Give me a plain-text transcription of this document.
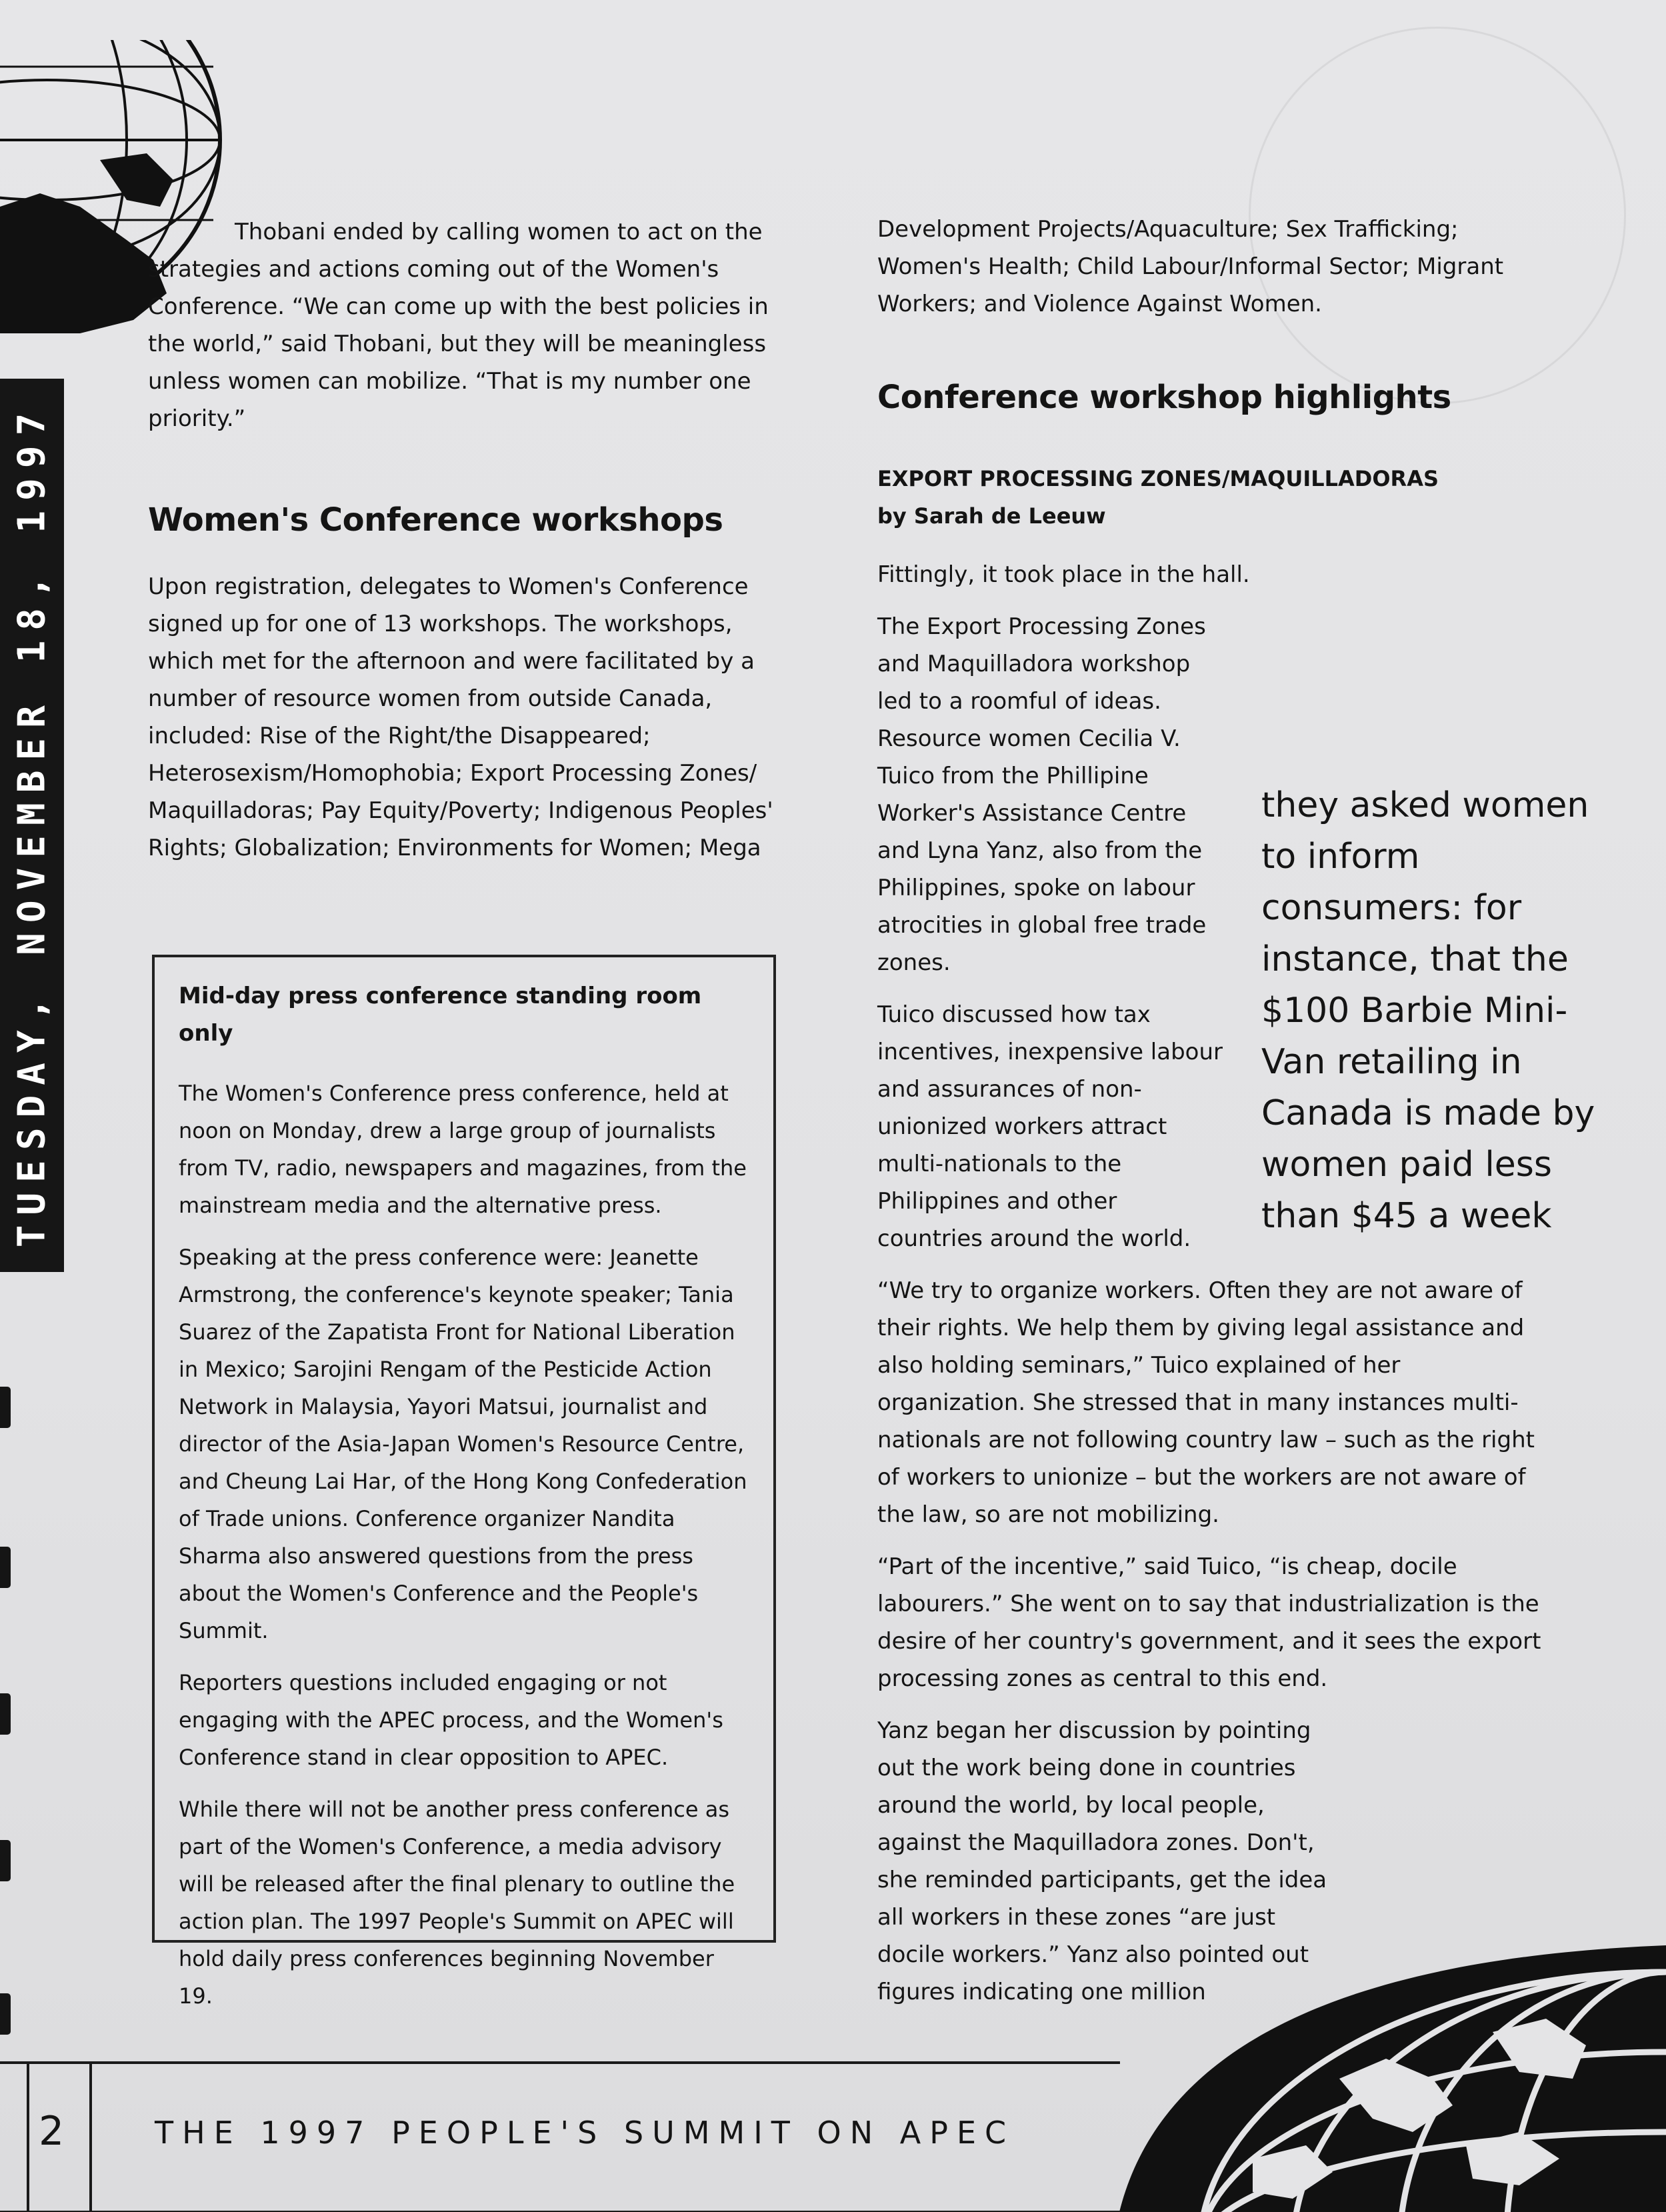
TUESDAY, NOVEMBER 18, 1997

Thobani ended by calling women to act on the strategies and actions coming out of the Women's Conference. “We can come up with the best policies in the world,” said Thobani, but they will be meaningless unless women can mobilize. “That is my number one priority.”

Women's Conference workshops

Upon registration, delegates to Women's Conference signed up for one of 13 workshops. The workshops, which met for the afternoon and were facilitated by a number of resource women from outside Canada, included: Rise of the Right/the Disappeared; Heterosexism/Homophobia; Export Processing Zones/ Maquilladoras; Pay Equity/Poverty; Indigenous Peoples' Rights; Globalization; Environments for Women; Mega

Mid-day press conference standing room only

The Women's Conference press conference, held at noon on Monday, drew a large group of journalists from TV, radio, newspapers and magazines, from the mainstream media and the alternative press.

Speaking at the press conference were: Jeanette Armstrong, the conference's keynote speaker; Tania Suarez of the Zapatista Front for National Liberation in Mexico; Sarojini Rengam of the Pesticide Action Network in Malaysia, Yayori Matsui, journalist and director of the Asia-Japan Women's Resource Centre, and Cheung Lai Har, of the Hong Kong Confederation of Trade unions. Conference organizer Nandita Sharma also answered questions from the press about the Women's Conference and the People's Summit.

Reporters questions included engaging or not engaging with the APEC process, and the Women's Conference stand in clear opposition to APEC.

While there will not be another press conference as part of the Women's Conference, a media advisory will be released after the final plenary to outline the action plan. The 1997 People's Summit on APEC will hold daily press conferences beginning November 19.

Development Projects/Aquaculture; Sex Trafficking; Women's Health; Child Labour/Informal Sector; Migrant Workers; and Violence Against Women.

Conference workshop highlights

EXPORT PROCESSING ZONES/MAQUILLADORAS

by Sarah de Leeuw

Fittingly, it took place in the hall.

The Export Processing Zones and Maquilladora workshop led to a roomful of ideas. Resource women Cecilia V. Tuico from the Phillipine Worker's Assistance Centre and Lyna Yanz, also from the Philippines, spoke on labour atrocities in global free trade zones.

Tuico discussed how tax incentives, inexpensive labour and assurances of non-unionized workers attract multi-nationals to the Philippines and other countries around the world.

“We try to organize workers. Often they are not aware of their rights. We help them by giving legal assistance and also holding seminars,” Tuico explained of her organization. She stressed that in many instances multi-nationals are not following country law – such as the right of workers to unionize – but the workers are not aware of the law, so are not mobilizing.

“Part of the incentive,” said Tuico, “is cheap, docile labourers.” She went on to say that industrialization is the desire of her country's government, and it sees the export processing zones as central to this end.

Yanz began her discussion by pointing out the work being done in countries around the world, by local people, against the Maquilladora zones. Don't, she reminded participants, get the idea all workers in these zones “are just docile workers.” Yanz also pointed out figures indicating one million

they asked women to inform consumers: for instance, that the $100 Barbie Mini-Van retailing in Canada is made by women paid less than $45 a week
2	THE 1997 PEOPLE'S SUMMIT ON APEC
